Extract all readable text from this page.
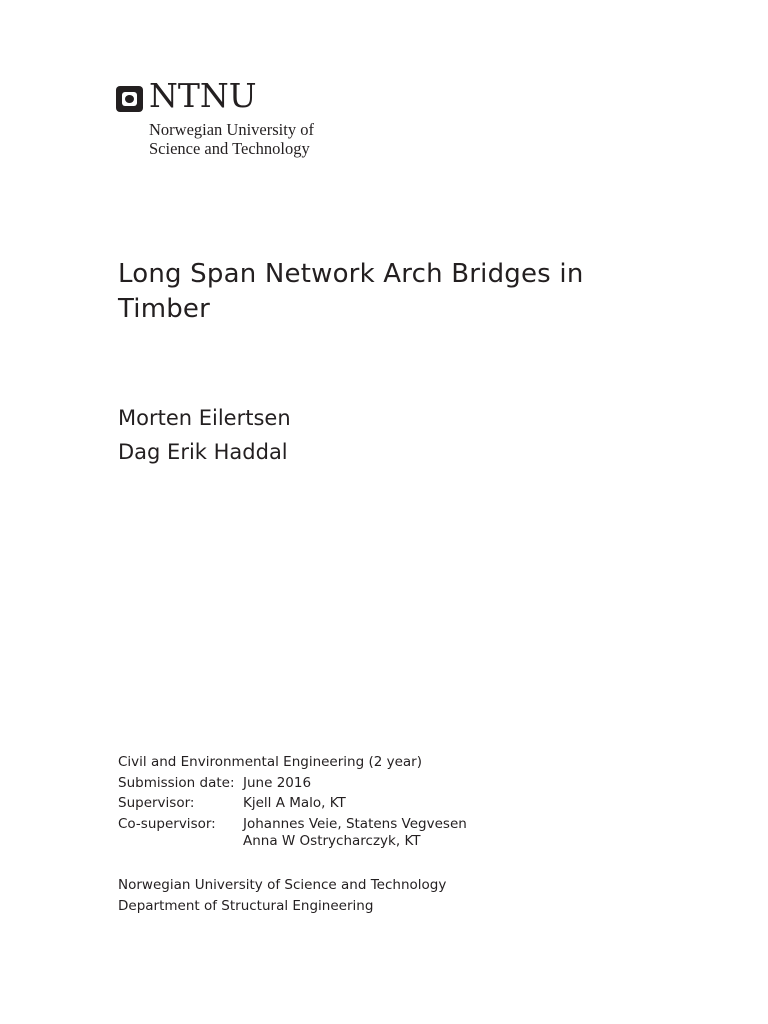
NTNU
Norwegian University of
Science and Technology
Long Span Network Arch Bridges in Timber
Morten Eilertsen
Dag Erik Haddal
Civil and Environmental Engineering (2 year)
Submission date: June 2016
Supervisor:	Kjell A Malo, KT
Co-supervisor:	Johannes Veie, Statens Vegvesen
Anna W Ostrycharczyk, KT
Norwegian University of Science and Technology
Department of Structural Engineering
